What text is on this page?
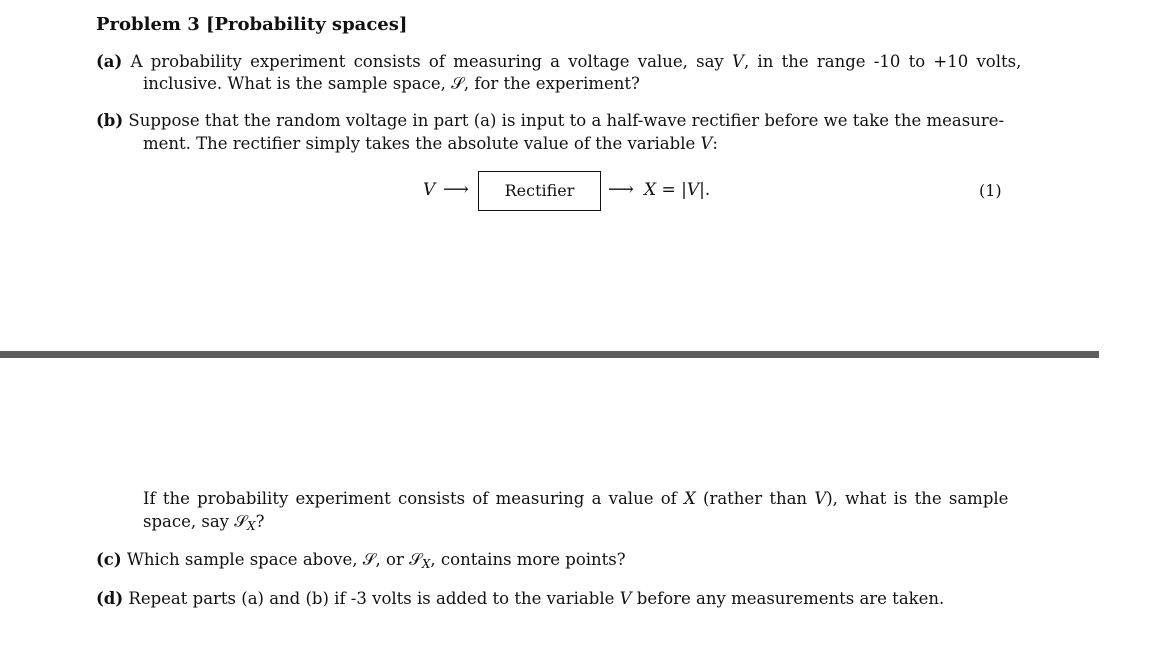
Problem 3 [Probability spaces]
(a) A probability experiment consists of measuring a voltage value, say V, in the range -10 to +10 volts,
inclusive. What is the sample space, 𝒮, for the experiment?
(b) Suppose that the random voltage in part (a) is input to a half-wave rectifier before we take the measure-
ment. The rectifier simply takes the absolute value of the variable V:
V ⟶	Rectifier	⟶ X = |V|.	(1)
If the probability experiment consists of measuring a value of X (rather than V), what is the sample
space, say 𝒮$_X$?
(c) Which sample space above, 𝒮, or 𝒮$_X$, contains more points?
(d) Repeat parts (a) and (b) if -3 volts is added to the variable V before any measurements are taken.
